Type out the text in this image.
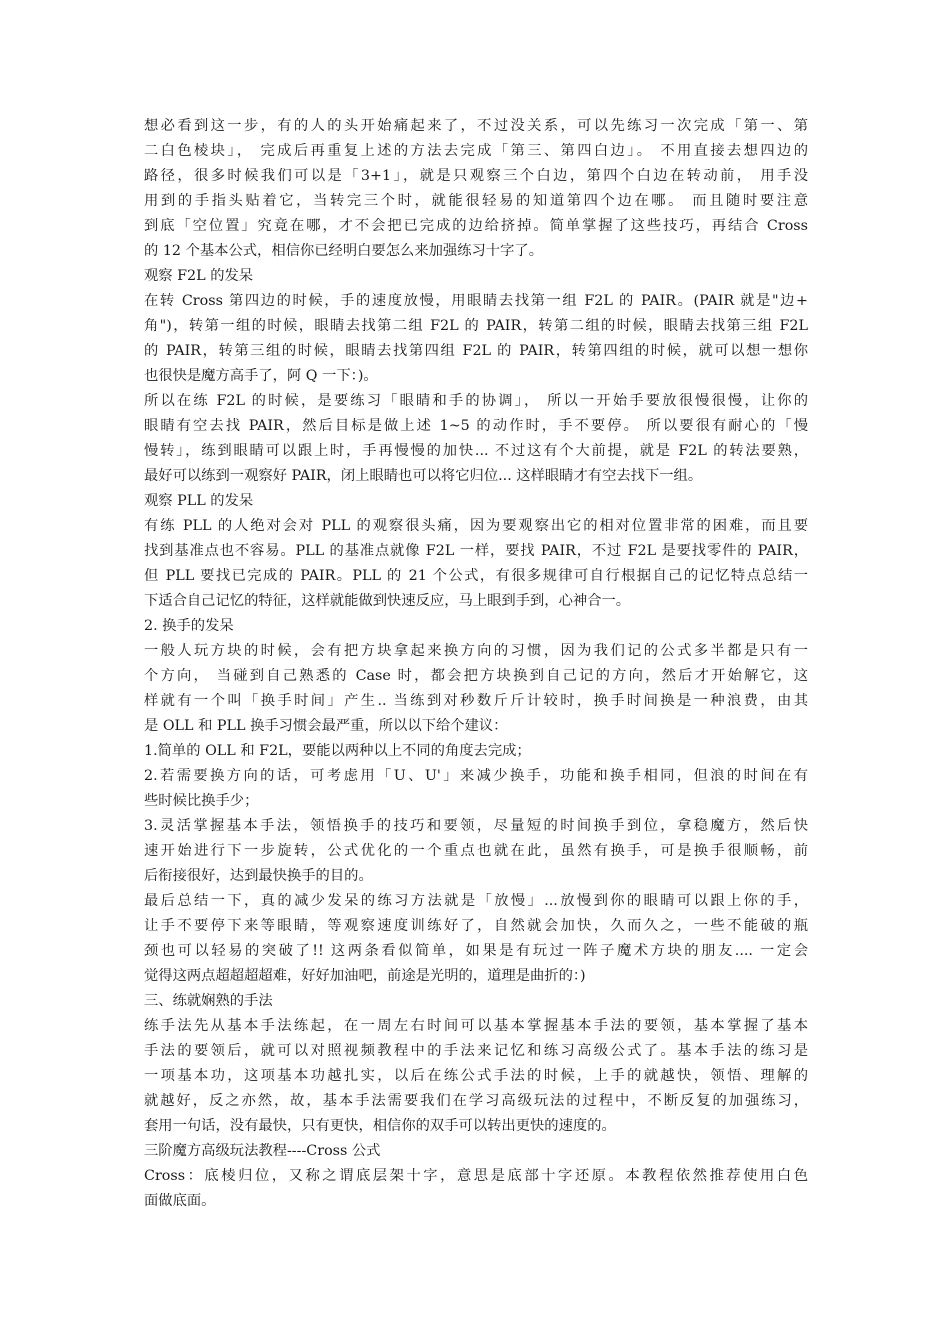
想必看到这一步，有的人的头开始痛起来了，不过没关系，可以先练习一次完成「第一、第
二白色棱块」， 完成后再重复上述的方法去完成「第三、第四白边」。 不用直接去想四边的
路径，很多时候我们可以是「3+1」，就是只观察三个白边，第四个白边在转动前， 用手没
用到的手指头贴着它，当转完三个时，就能很轻易的知道第四个边在哪。 而且随时要注意
到底「空位置」究竟在哪，才不会把已完成的边给挤掉。简单掌握了这些技巧，再结合 Cross
的 12 个基本公式，相信你已经明白要怎么来加强练习十字了。
观察 F2L 的发呆
在转 Cross 第四边的时候，手的速度放慢，用眼睛去找第一组 F2L 的 PAIR。(PAIR 就是"边+
角")，转第一组的时候，眼睛去找第二组 F2L 的 PAIR，转第二组的时候，眼睛去找第三组 F2L
的 PAIR，转第三组的时候，眼睛去找第四组 F2L 的 PAIR，转第四组的时候，就可以想一想你
也很快是魔方高手了，阿 Q 一下：)。
所以在练 F2L 的时候，是要练习「眼睛和手的协调」， 所以一开始手要放很慢很慢，让你的
眼睛有空去找 PAIR，然后目标是做上述 1~5 的动作时，手不要停。 所以要很有耐心的「慢
慢转」，练到眼睛可以跟上时，手再慢慢的加快... 不过这有个大前提，就是 F2L 的转法要熟，
最好可以练到一观察好 PAIR，闭上眼睛也可以将它归位... 这样眼睛才有空去找下一组。
观察 PLL 的发呆
有练 PLL 的人绝对会对 PLL 的观察很头痛，因为要观察出它的相对位置非常的困难，而且要
找到基准点也不容易。PLL 的基准点就像 F2L 一样，要找 PAIR，不过 F2L 是要找零件的 PAIR，
但 PLL 要找已完成的 PAIR。PLL 的 21 个公式，有很多规律可自行根据自己的记忆特点总结一
下适合自己记忆的特征，这样就能做到快速反应，马上眼到手到，心神合一。
2. 换手的发呆
一般人玩方块的时候，会有把方块拿起来换方向的习惯，因为我们记的公式多半都是只有一
个方向， 当碰到自己熟悉的 Case 时，都会把方块换到自己记的方向，然后才开始解它，这
样就有一个叫「换手时间」产生.. 当练到对秒数斤斤计较时，换手时间换是一种浪费，由其
是 OLL 和 PLL 换手习惯会最严重，所以以下给个建议：
1.简单的 OLL 和 F2L，要能以两种以上不同的角度去完成；
2.若需要换方向的话，可考虑用「U、U'」来减少换手，功能和换手相同，但浪的时间在有
些时候比换手少；
3.灵活掌握基本手法，领悟换手的技巧和要领，尽量短的时间换手到位，拿稳魔方，然后快
速开始进行下一步旋转，公式优化的一个重点也就在此，虽然有换手，可是换手很顺畅，前
后衔接很好，达到最快换手的目的。
最后总结一下，真的减少发呆的练习方法就是「放慢」...放慢到你的眼睛可以跟上你的手，
让手不要停下来等眼睛，等观察速度训练好了，自然就会加快，久而久之，一些不能破的瓶
颈也可以轻易的突破了!! 这两条看似简单，如果是有玩过一阵子魔术方块的朋友.... 一定会
觉得这两点超超超超难，好好加油吧，前途是光明的，道理是曲折的：)
三、练就娴熟的手法
练手法先从基本手法练起，在一周左右时间可以基本掌握基本手法的要领，基本掌握了基本
手法的要领后，就可以对照视频教程中的手法来记忆和练习高级公式了。基本手法的练习是
一项基本功，这项基本功越扎实，以后在练公式手法的时候，上手的就越快，领悟、理解的
就越好，反之亦然，故，基本手法需要我们在学习高级玩法的过程中，不断反复的加强练习，
套用一句话，没有最快，只有更快，相信你的双手可以转出更快的速度的。
三阶魔方高级玩法教程----Cross 公式
Cross：底棱归位，又称之谓底层架十字，意思是底部十字还原。本教程依然推荐使用白色
面做底面。
